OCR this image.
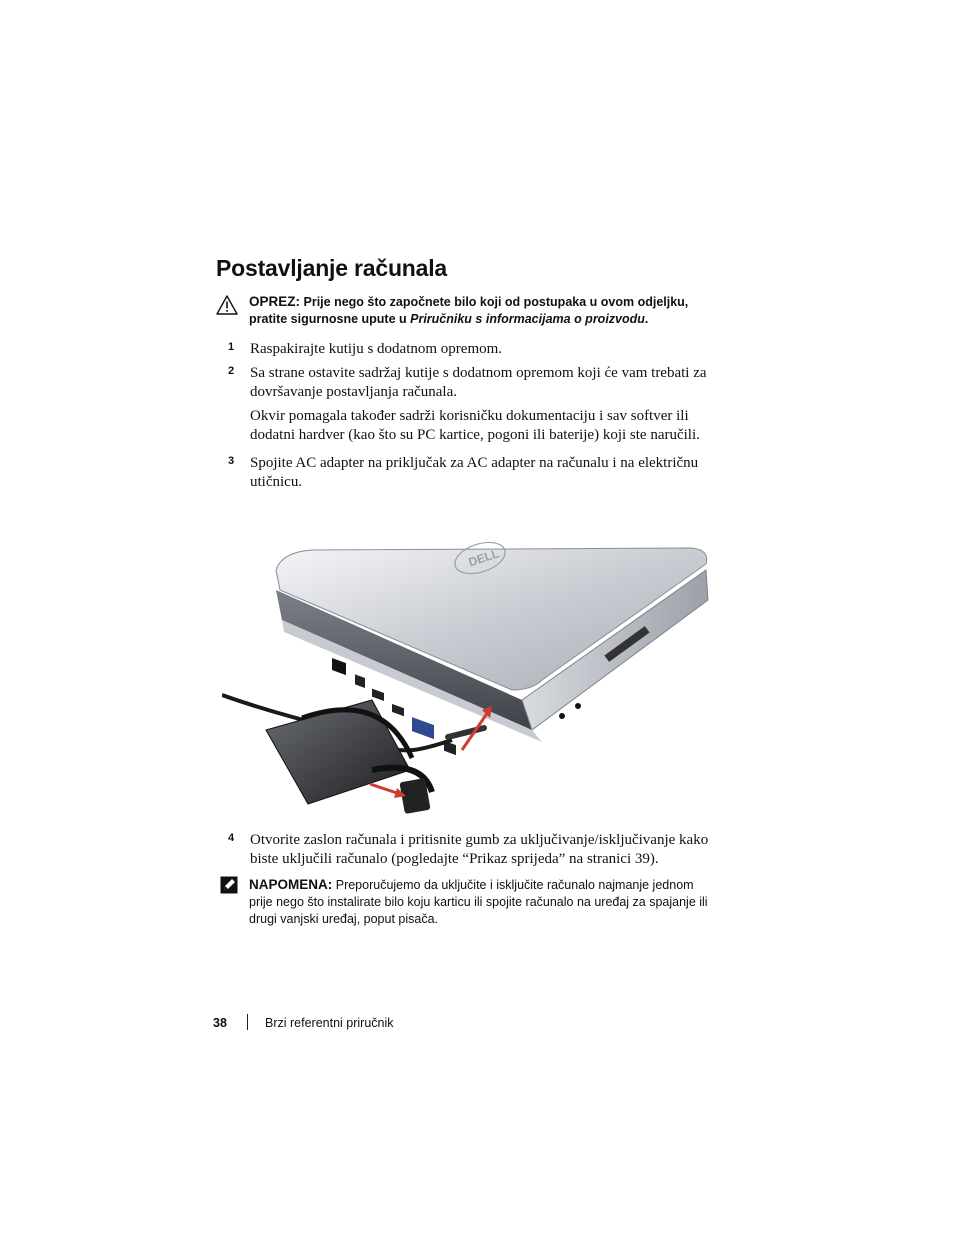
Postavljanje računala
OPREZ: Prije nego što započnete bilo koji od postupaka u ovom odjeljku, pratite sigurnosne upute u Priručniku s informacijama o proizvodu.
1 Raspakirajte kutiju s dodatnom opremom.
2 Sa strane ostavite sadržaj kutije s dodatnom opremom koji će vam trebati za dovršavanje postavljanja računala.
Okvir pomagala također sadrži korisničku dokumentaciju i sav softver ili dodatni hardver (kao što su PC kartice, pogoni ili baterije) koji ste naručili.
3 Spojite AC adapter na priključak za AC adapter na računalu i na električnu utičnicu.
DELL
4 Otvorite zaslon računala i pritisnite gumb za uključivanje/isključivanje kako biste uključili računalo (pogledajte “Prikaz sprijeda” na stranici 39).
NAPOMENA: Preporučujemo da uključite i isključite računalo najmanje jednom prije nego što instalirate bilo koju karticu ili spojite računalo na uređaj za spajanje ili drugi vanjski uređaj, poput pisača.
38	Brzi referentni priručnik
